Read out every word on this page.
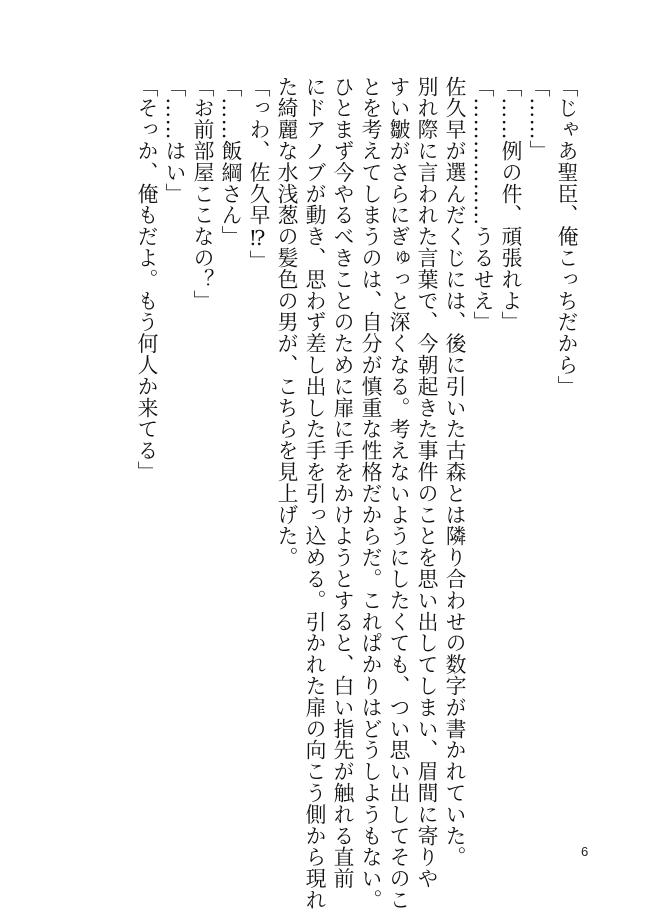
「じゃあ聖臣、俺こっちだから」
「……」
「……例の件、頑張れよ」
「………………うるせえ」
佐久早が選んだくじには、後に引いた古森とは隣り合わせの数字が書かれていた。
別れ際に言われた言葉で、今朝起きた事件のことを思い出してしまい、眉間に寄りや
すい皺がさらにぎゅっと深くなる。考えないようにしたくても、つい思い出してそのこ
とを考えてしまうのは、自分が慎重な性格だからだ。これぱかりはどうしようもない。
ひとまず今やるべきことのために扉に手をかけようとすると、白い指先が触れる直前
にドアノブが動き、思わず差し出した手を引っ込める。引かれた扉の向こう側から現れ
た綺麗な水浅葱の髪色の男が、こちらを見上げた。
「っわ、佐久早⁉」
「……飯綱さん」
「お前部屋ここなの？」
「……はい」
「そっか、俺もだよ。もう何人か来てる」
6
